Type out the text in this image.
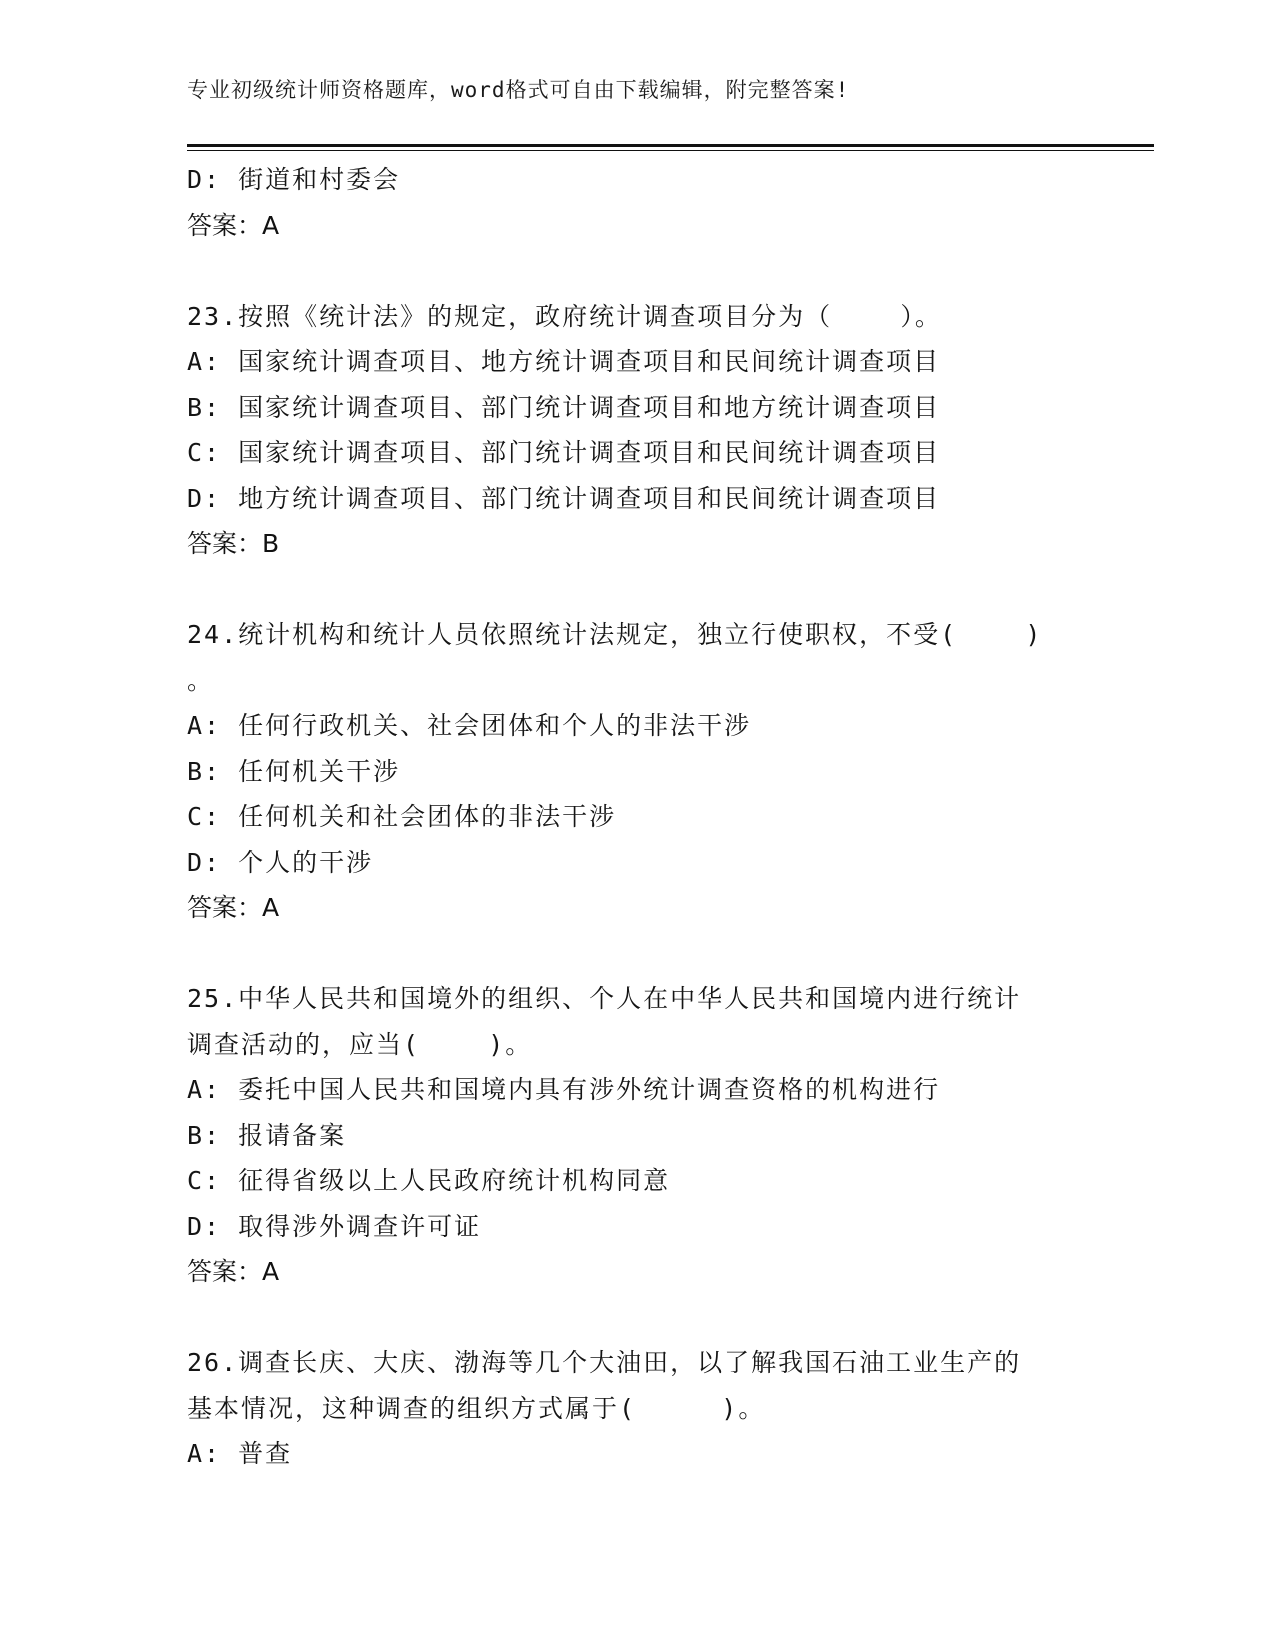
专业初级统计师资格题库，word格式可自由下载编辑，附完整答案!
D: 街道和村委会
答案：A
23.按照《统计法》的规定，政府统计调查项目分为（    ）。
A: 国家统计调查项目、地方统计调查项目和民间统计调查项目
B: 国家统计调查项目、部门统计调查项目和地方统计调查项目
C: 国家统计调查项目、部门统计调查项目和民间统计调查项目
D: 地方统计调查项目、部门统计调查项目和民间统计调查项目
答案：B
24.统计机构和统计人员依照统计法规定，独立行使职权，不受(    )
。
A: 任何行政机关、社会团体和个人的非法干涉
B: 任何机关干涉
C: 任何机关和社会团体的非法干涉
D: 个人的干涉
答案：A
25.中华人民共和国境外的组织、个人在中华人民共和国境内进行统计
调查活动的，应当(    )。
A: 委托中国人民共和国境内具有涉外统计调查资格的机构进行
B: 报请备案
C: 征得省级以上人民政府统计机构同意
D: 取得涉外调查许可证
答案：A
26.调查长庆、大庆、渤海等几个大油田，以了解我国石油工业生产的
基本情况，这种调查的组织方式属于(     )。
A: 普查
